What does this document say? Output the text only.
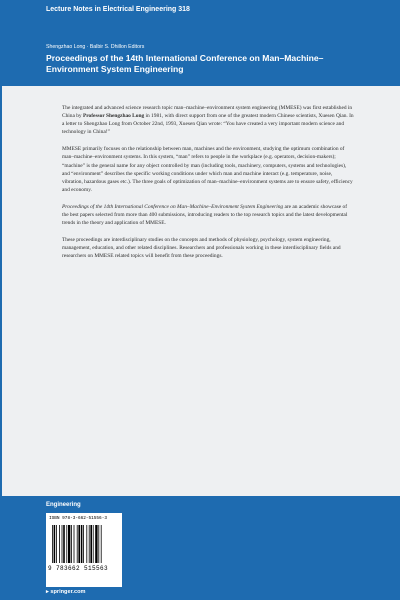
Lecture Notes in Electrical Engineering 318
Shengzhao Long · Balbir S. Dhillon Editors
Proceedings of the 14th International Conference on Man–Machine–Environment System Engineering

The integrated and advanced science research topic man–machine–environment system engineering (MMESE) was first established in China by Professor Shengzhao Long in 1981, with direct support from one of the greatest modern Chinese scientists, Xuesen Qian. In a letter to Shengzhao Long from October 22nd, 1993, Xuesen Qian wrote: “You have created a very important modern science and technology in China!”

MMESE primarily focuses on the relationship between man, machines and the environment, studying the optimum combination of man–machine–environment systems. In this system, “man” refers to people in the workplace (e.g. operators, decision-makers); “machine” is the general name for any object controlled by man (including tools, machinery, computers, systems and technologies), and “environment” describes the specific working conditions under which man and machine interact (e.g. temperature, noise, vibration, hazardous gases etc.). The three goals of optimization of man–machine–environment systems are to ensure safety, efficiency and economy.

Proceedings of the 14th International Conference on Man–Machine–Environment System Engineering are an academic showcase of the best papers selected from more than 400 submissions, introducing readers to the top research topics and the latest developmental trends in the theory and application of MMESE.

These proceedings are interdisciplinary studies on the concepts and methods of physiology, psychology, system engineering, management, education, and other related disciplines. Researchers and professionals working in these interdisciplinary fields and researchers on MMESE related topics will benefit from these proceedings.

Engineering
ISBN 978-3-662-51556-3
9 783662 515563
▸ springer.com
